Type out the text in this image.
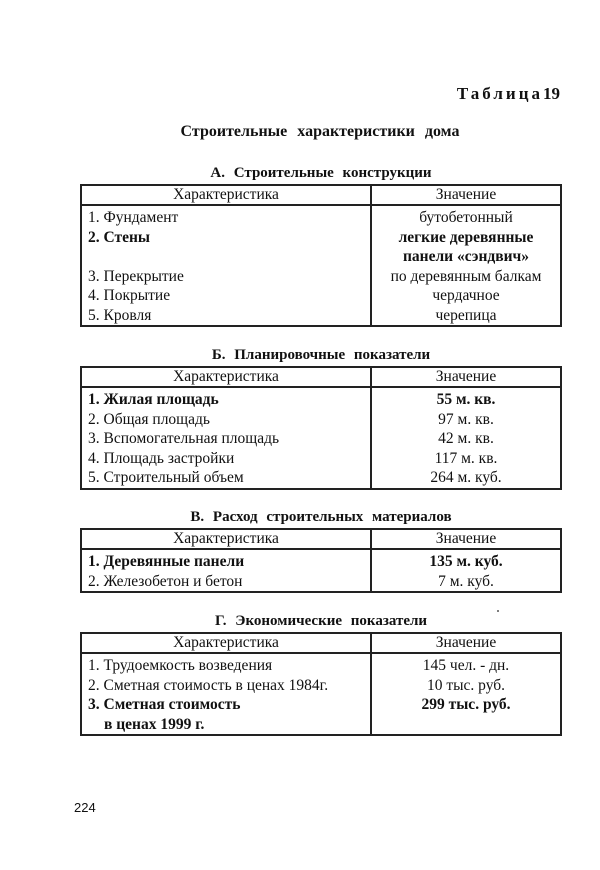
Таблица19
Строительные характеристики дома
А. Строительные конструкции
Характеристика	Значение
1. Фундамент	бутобетонный
2. Стены	легкие деревянные
панели «сэндвич»

3. Перекрытие	по деревянным балкам
4. Покрытие	чердачное
5. Кровля	черепица
Б. Планировочные показатели
Характеристика	Значение
1. Жилая площадь	55 м. кв.
2. Общая площадь	97 м. кв.
3. Вспомогательная площадь	42 м. кв.
4. Площадь застройки	117 м. кв.
5. Строительный объем	264 м. куб.
В. Расход строительных материалов
Характеристика	Значение
1. Деревянные панели	135 м. куб.
2. Железобетон и бетон	7 м. куб.
Г. Экономические показатели
Характеристика	Значение
1. Трудоемкость возведения	145 чел. - дн.
2. Сметная стоимость в ценах 1984г.	10 тыс. руб.

3. Сметная стоимость
в ценах 1999 г.	299 тыс. руб.
224
